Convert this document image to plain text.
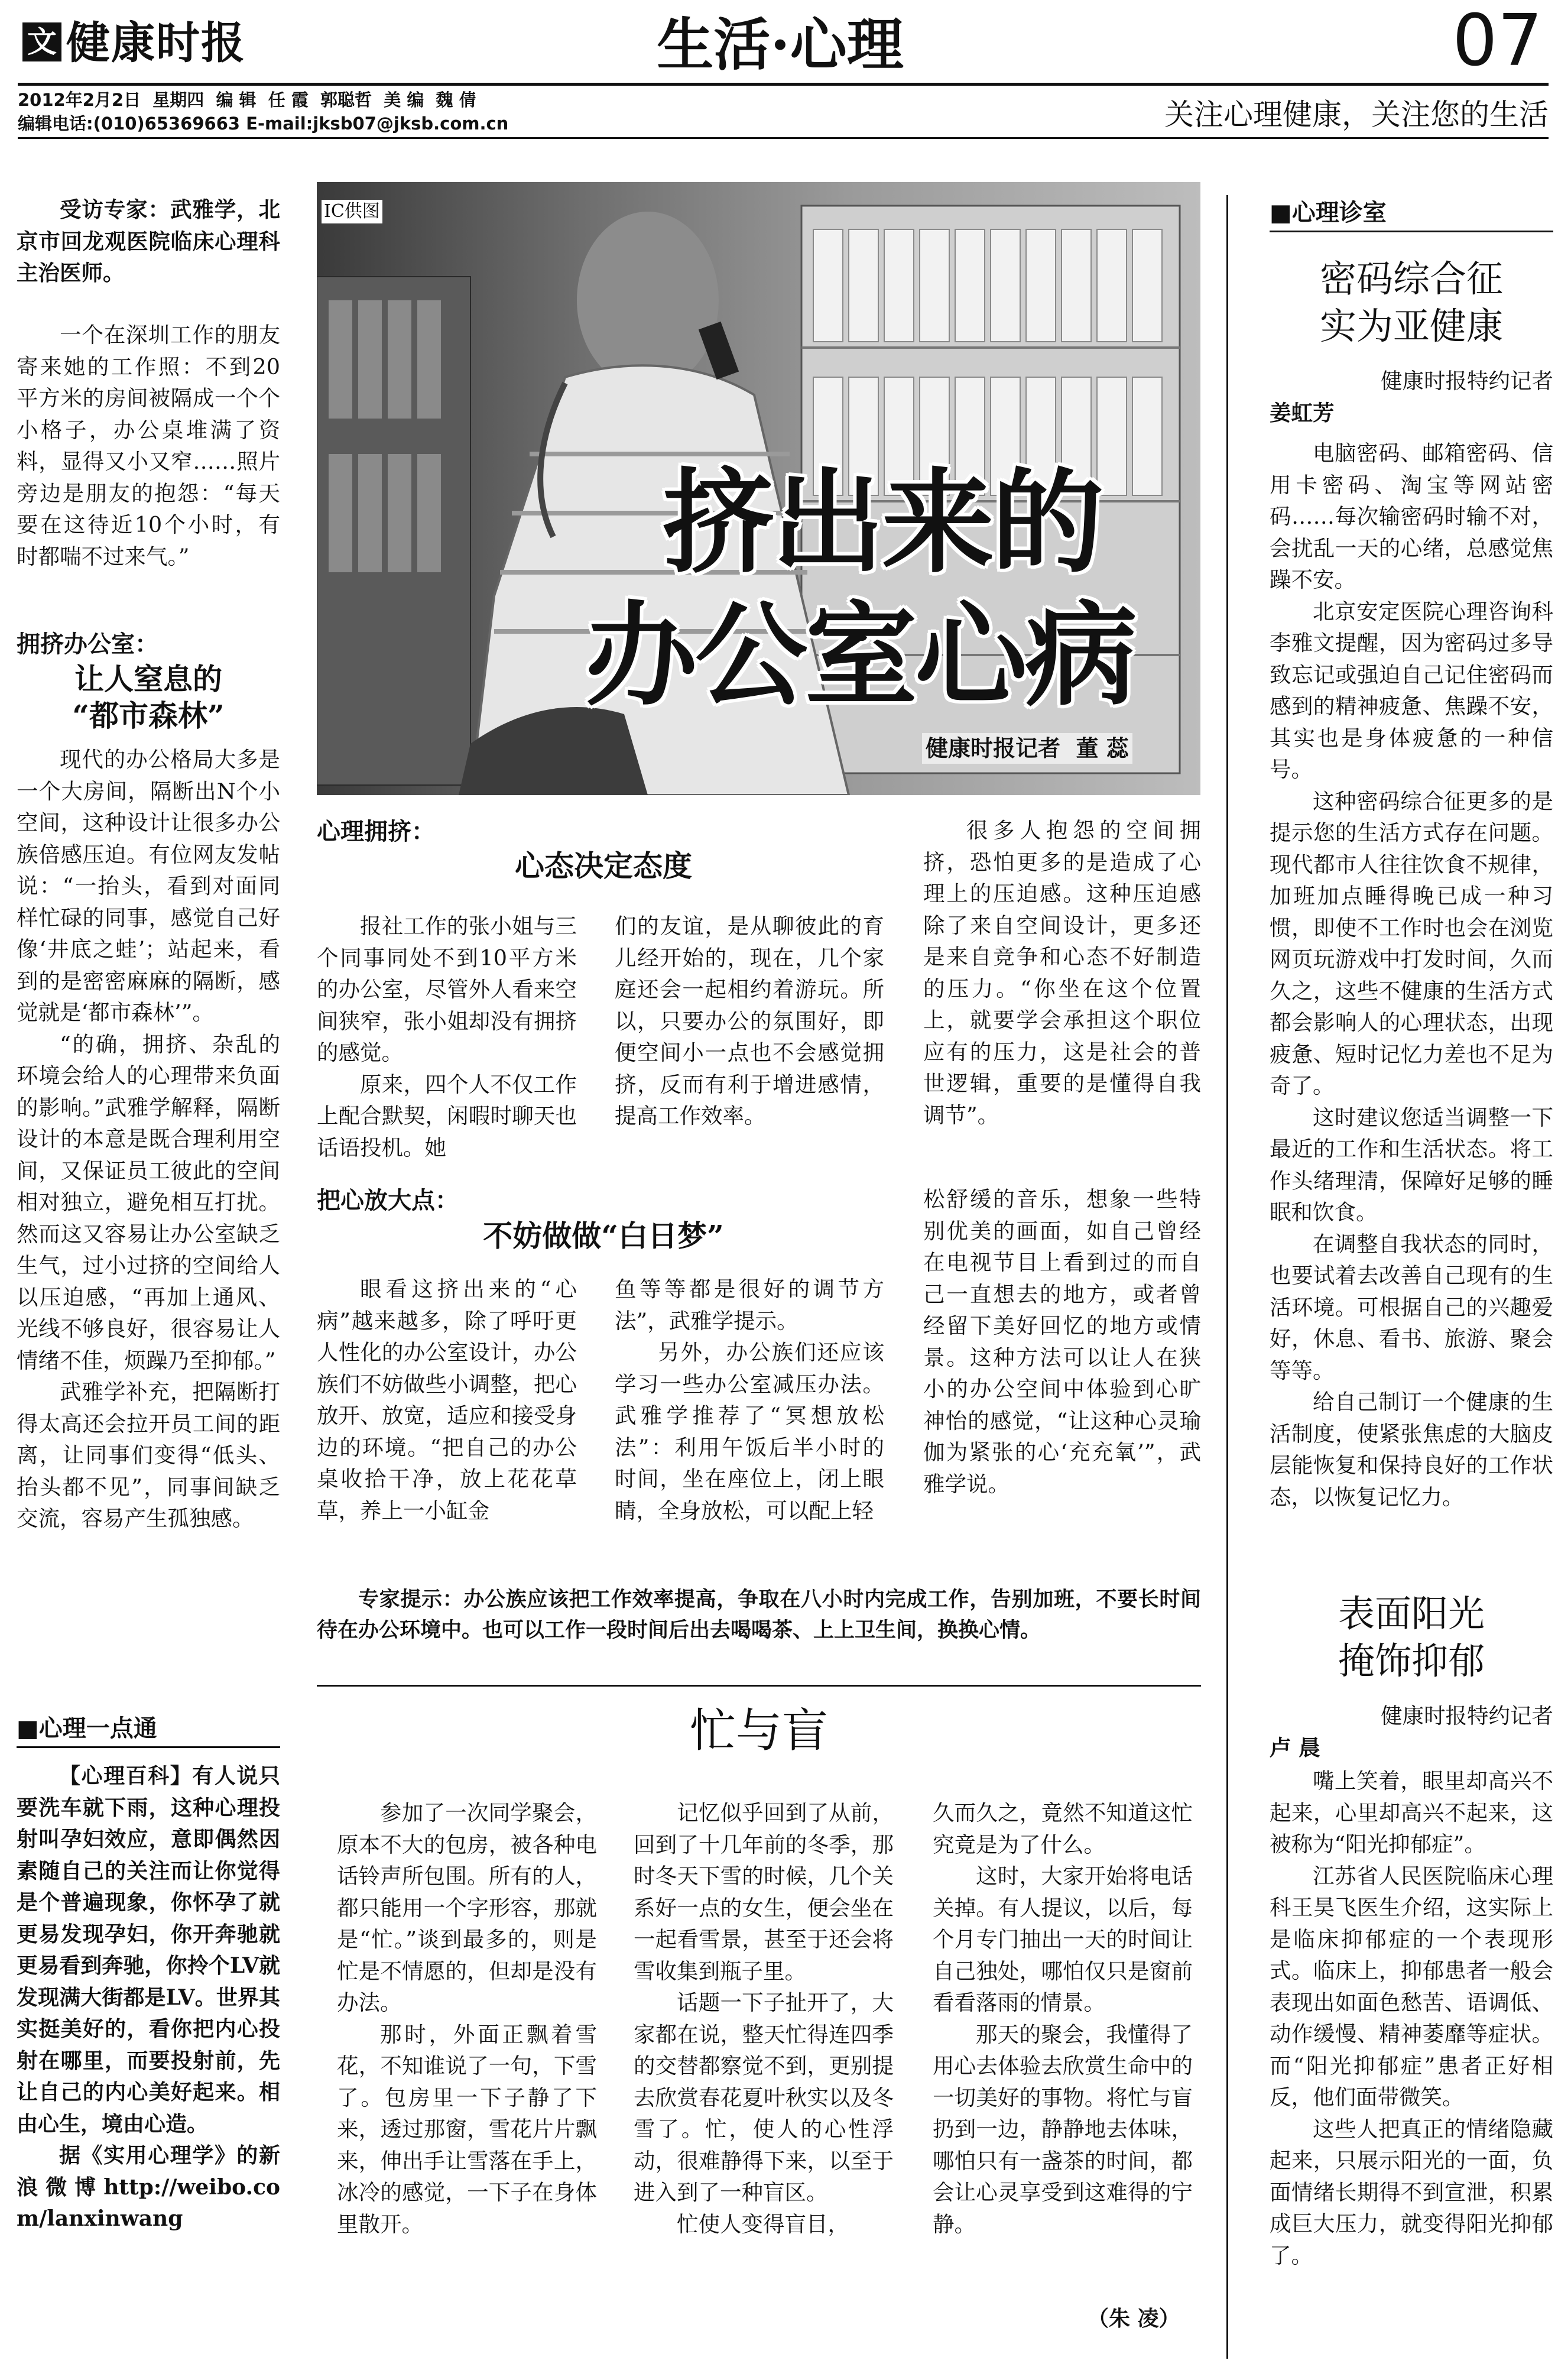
文 健康时报	生活·心理	07
2012年2月2日  星期四  编 辑  任 霞  郭聪哲  美 编  魏 倩
编辑电话:(010)65369663 E-mail:jksb07@jksb.com.cn	关注心理健康，关注您的生活
IC供图
挤出来的
办公室心病
健康时报记者  董 蕊

受访专家：武雅学，北京市回龙观医院临床心理科主治医师。

一个在深圳工作的朋友寄来她的工作照：不到20平方米的房间被隔成一个个小格子，办公桌堆满了资料，显得又小又窄……照片旁边是朋友的抱怨：“每天要在这待近10个小时，有时都喘不过来气。”

拥挤办公室：
让人窒息的
“都市森林”

现代的办公格局大多是一个大房间，隔断出N个小空间，这种设计让很多办公族倍感压迫。有位网友发帖说：“一抬头，看到对面同样忙碌的同事，感觉自己好像‘井底之蛙’；站起来，看到的是密密麻麻的隔断，感觉就是‘都市森林’”。

“的确，拥挤、杂乱的环境会给人的心理带来负面的影响。”武雅学解释，隔断设计的本意是既合理利用空间，又保证员工彼此的空间相对独立，避免相互打扰。然而这又容易让办公室缺乏生气，过小过挤的空间给人以压迫感，“再加上通风、光线不够良好，很容易让人情绪不佳，烦躁乃至抑郁。”

武雅学补充，把隔断打得太高还会拉开员工间的距离，让同事们变得“低头、抬头都不见”，同事间缺乏交流，容易产生孤独感。

心理拥挤：
心态决定态度

报社工作的张小姐与三个同事同处不到10平方米的办公室，尽管外人看来空间狭窄，张小姐却没有拥挤的感觉。

原来，四个人不仅工作上配合默契，闲暇时聊天也话语投机。她

们的友谊，是从聊彼此的育儿经开始的，现在，几个家庭还会一起相约着游玩。所以，只要办公的氛围好，即便空间小一点也不会感觉拥挤，反而有利于增进感情，提高工作效率。

很多人抱怨的空间拥挤，恐怕更多的是造成了心理上的压迫感。这种压迫感除了来自空间设计，更多还是来自竞争和心态不好制造的压力。“你坐在这个位置上，就要学会承担这个职位应有的压力，这是社会的普世逻辑，重要的是懂得自我调节”。

把心放大点：
不妨做做“白日梦”

眼看这挤出来的“心病”越来越多，除了呼吁更人性化的办公室设计，办公族们不妨做些小调整，把心放开、放宽，适应和接受身边的环境。“把自己的办公桌收拾干净，放上花花草草，养上一小缸金

鱼等等都是很好的调节方法”，武雅学提示。

另外，办公族们还应该学习一些办公室减压办法。武雅学推荐了“冥想放松法”：利用午饭后半小时的时间，坐在座位上，闭上眼睛，全身放松，可以配上轻

松舒缓的音乐，想象一些特别优美的画面，如自己曾经在电视节目上看到过的而自己一直想去的地方，或者曾经留下美好回忆的地方或情景。这种方法可以让人在狭小的办公空间中体验到心旷神怡的感觉，“让这种心灵瑜伽为紧张的心‘充充氧’”，武雅学说。

专家提示：办公族应该把工作效率提高，争取在八小时内完成工作，告别加班，不要长时间待在办公环境中。也可以工作一段时间后出去喝喝茶、上上卫生间，换换心情。

■心理一点通

【心理百科】有人说只要洗车就下雨，这种心理投射叫孕妇效应，意即偶然因素随自己的关注而让你觉得是个普遍现象，你怀孕了就更易发现孕妇，你开奔驰就更易看到奔驰，你拎个LV就发现满大街都是LV。世界其实挺美好的，看你把内心投射在哪里，而要投射前，先让自己的内心美好起来。相由心生，境由心造。

据《实用心理学》的新浪微博http://weibo.com/lanxinwang

忙与盲

参加了一次同学聚会，原本不大的包房，被各种电话铃声所包围。所有的人，都只能用一个字形容，那就是“忙。”谈到最多的，则是忙是不情愿的，但却是没有办法。

那时，外面正飘着雪花，不知谁说了一句，下雪了。包房里一下子静了下来，透过那窗，雪花片片飘来，伸出手让雪落在手上，冰冷的感觉，一下子在身体里散开。

记忆似乎回到了从前，回到了十几年前的冬季，那时冬天下雪的时候，几个关系好一点的女生，便会坐在一起看雪景，甚至于还会将雪收集到瓶子里。

话题一下子扯开了，大家都在说，整天忙得连四季的交替都察觉不到，更别提去欣赏春花夏叶秋实以及冬雪了。忙，使人的心性浮动，很难静得下来，以至于进入到了一种盲区。

忙使人变得盲目，

久而久之，竟然不知道这忙究竟是为了什么。

这时，大家开始将电话关掉。有人提议，以后，每个月专门抽出一天的时间让自己独处，哪怕仅只是窗前看看落雨的情景。

那天的聚会，我懂得了用心去体验去欣赏生命中的一切美好的事物。将忙与盲扔到一边，静静地去体味，哪怕只有一盏茶的时间，都会让心灵享受到这难得的宁静。

（朱 凌）
■心理诊室
密码综合征
实为亚健康

健康时报特约记者

姜虹芳

电脑密码、邮箱密码、信用卡密码、淘宝等网站密码……每次输密码时输不对，会扰乱一天的心绪，总感觉焦躁不安。

北京安定医院心理咨询科李雅文提醒，因为密码过多导致忘记或强迫自己记住密码而感到的精神疲惫、焦躁不安，其实也是身体疲惫的一种信号。

这种密码综合征更多的是提示您的生活方式存在问题。现代都市人往往饮食不规律，加班加点睡得晚已成一种习惯，即使不工作时也会在浏览网页玩游戏中打发时间，久而久之，这些不健康的生活方式都会影响人的心理状态，出现疲惫、短时记忆力差也不足为奇了。

这时建议您适当调整一下最近的工作和生活状态。将工作头绪理清，保障好足够的睡眠和饮食。

在调整自我状态的同时，也要试着去改善自己现有的生活环境。可根据自己的兴趣爱好，休息、看书、旅游、聚会等等。

给自己制订一个健康的生活制度，使紧张焦虑的大脑皮层能恢复和保持良好的工作状态，以恢复记忆力。

表面阳光
掩饰抑郁

健康时报特约记者

卢 晨

嘴上笑着，眼里却高兴不起来，心里却高兴不起来，这被称为“阳光抑郁症”。

江苏省人民医院临床心理科王昊飞医生介绍，这实际上是临床抑郁症的一个表现形式。临床上，抑郁患者一般会表现出如面色愁苦、语调低、动作缓慢、精神萎靡等症状。而“阳光抑郁症”患者正好相反，他们面带微笑。

这些人把真正的情绪隐藏起来，只展示阳光的一面，负面情绪长期得不到宣泄，积累成巨大压力，就变得阳光抑郁了。
